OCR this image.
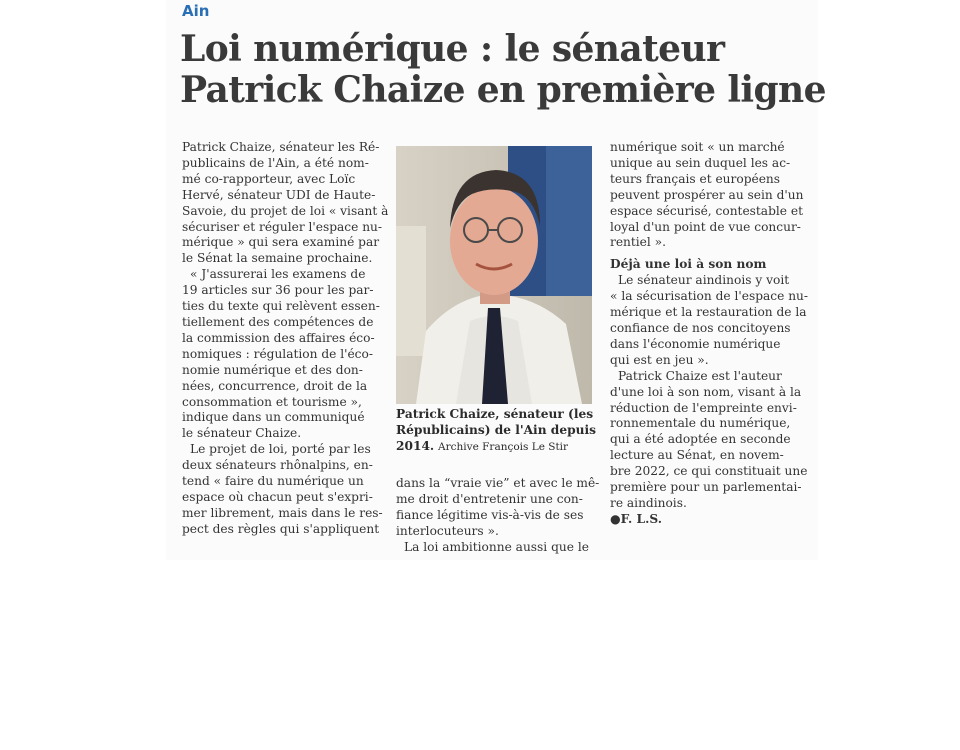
Ain
Loi numérique : le sénateur
Patrick Chaize en première ligne
Patrick Chaize, sénateur les Ré-
publicains de l'Ain, a été nom-
mé co-rapporteur, avec Loïc
Hervé, sénateur UDI de Haute-
Savoie, du projet de loi « visant à
sécuriser et réguler l'espace nu-
mérique » qui sera examiné par
le Sénat la semaine prochaine.
« J'assurerai les examens de
19 articles sur 36 pour les par-
ties du texte qui relèvent essen-
tiellement des compétences de
la commission des affaires éco-
nomiques : régulation de l'éco-
nomie numérique et des don-
nées, concurrence, droit de la
consommation et tourisme »,
indique dans un communiqué
le sénateur Chaize.
Le projet de loi, porté par les
deux sénateurs rhônalpins, en-
tend « faire du numérique un
espace où chacun peut s'expri-
mer librement, mais dans le res-
pect des règles qui s'appliquent
Patrick Chaize, sénateur (les
Républicains) de l'Ain depuis
2014. Archive François Le Stir
dans la “vraie vie” et avec le mê-
me droit d'entretenir une con-
fiance légitime vis-à-vis de ses
interlocuteurs ».
La loi ambitionne aussi que le
numérique soit « un marché
unique au sein duquel les ac-
teurs français et européens
peuvent prospérer au sein d'un
espace sécurisé, contestable et
loyal d'un point de vue concur-
rentiel ».
Déjà une loi à son nom
Le sénateur aindinois y voit
« la sécurisation de l'espace nu-
mérique et la restauration de la
confiance de nos concitoyens
dans l'économie numérique
qui est en jeu ».
Patrick Chaize est l'auteur
d'une loi à son nom, visant à la
réduction de l'empreinte envi-
ronnementale du numérique,
qui a été adoptée en seconde
lecture au Sénat, en novem-
bre 2022, ce qui constituait une
première pour un parlementai-
re aindinois.
●F. L.S.
